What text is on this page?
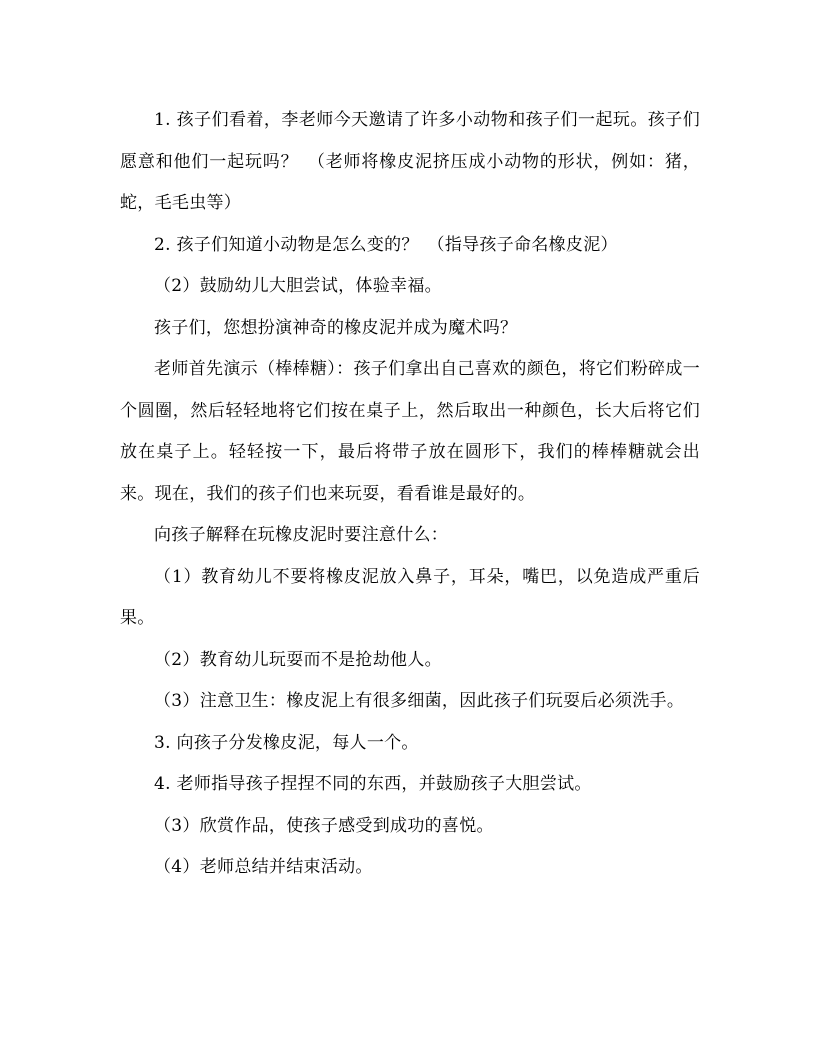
1. 孩子们看着，李老师今天邀请了许多小动物和孩子们一起玩。孩子们愿意和他们一起玩吗？　（老师将橡皮泥挤压成小动物的形状，例如：猪，蛇，毛毛虫等）

2. 孩子们知道小动物是怎么变的？　（指导孩子命名橡皮泥）

（2）鼓励幼儿大胆尝试，体验幸福。

孩子们，您想扮演神奇的橡皮泥并成为魔术吗？

老师首先演示（棒棒糖）：孩子们拿出自己喜欢的颜色，将它们粉碎成一个圆圈，然后轻轻地将它们按在桌子上，然后取出一种颜色，长大后将它们放在桌子上。轻轻按一下，最后将带子放在圆形下，我们的棒棒糖就会出来。现在，我们的孩子们也来玩耍，看看谁是最好的。

向孩子解释在玩橡皮泥时要注意什么：

（1）教育幼儿不要将橡皮泥放入鼻子，耳朵，嘴巴，以免造成严重后果。

（2）教育幼儿玩耍而不是抢劫他人。

（3）注意卫生：橡皮泥上有很多细菌，因此孩子们玩耍后必须洗手。

3. 向孩子分发橡皮泥，每人一个。

4. 老师指导孩子捏捏不同的东西，并鼓励孩子大胆尝试。

（3）欣赏作品，使孩子感受到成功的喜悦。

（4）老师总结并结束活动。
